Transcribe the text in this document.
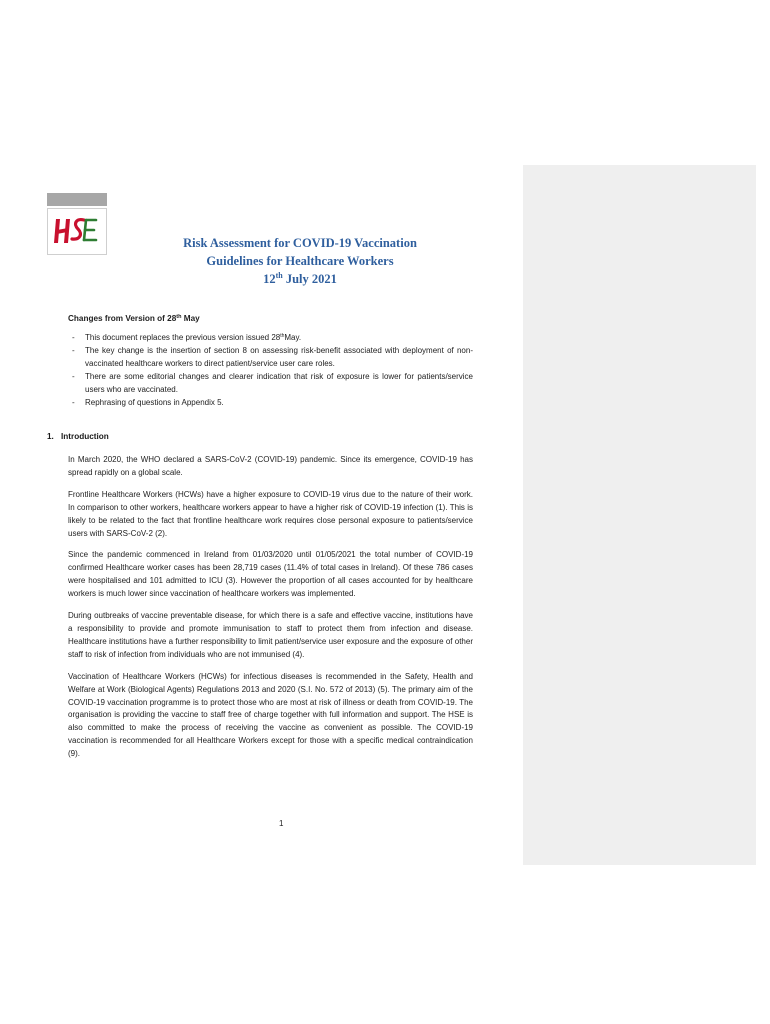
Risk Assessment for COVID-19 Vaccination
Guidelines for Healthcare Workers
12th July 2021
Changes from Version of 28th May
- This document replaces the previous version issued 28thMay.
- The key change is the insertion of section 8 on assessing risk-benefit associated with deployment of non-vaccinated healthcare workers to direct patient/service user care roles.
- There are some editorial changes and clearer indication that risk of exposure is lower for patients/service users who are vaccinated.
- Rephrasing of questions in Appendix 5.
1. Introduction

In March 2020, the WHO declared a SARS-CoV-2 (COVID-19) pandemic. Since its emergence, COVID-19 has spread rapidly on a global scale.

Frontline Healthcare Workers (HCWs) have a higher exposure to COVID-19 virus due to the nature of their work. In comparison to other workers, healthcare workers appear to have a higher risk of COVID-19 infection (1). This is likely to be related to the fact that frontline healthcare work requires close personal exposure to patients/service users with SARS-CoV-2 (2).

Since the pandemic commenced in Ireland from 01/03/2020 until 01/05/2021 the total number of COVID-19 confirmed Healthcare worker cases has been 28,719 cases (11.4% of total cases in Ireland). Of these 786 cases were hospitalised and 101 admitted to ICU (3). However the proportion of all cases accounted for by healthcare workers is much lower since vaccination of healthcare workers was implemented.

During outbreaks of vaccine preventable disease, for which there is a safe and effective vaccine, institutions have a responsibility to provide and promote immunisation to staff to protect them from infection and disease. Healthcare institutions have a further responsibility to limit patient/service user exposure and the exposure of other staff to risk of infection from individuals who are not immunised (4).

Vaccination of Healthcare Workers (HCWs) for infectious diseases is recommended in the Safety, Health and Welfare at Work (Biological Agents) Regulations 2013 and 2020 (S.I. No. 572 of 2013) (5). The primary aim of the COVID-19 vaccination programme is to protect those who are most at risk of illness or death from COVID-19. The organisation is providing the vaccine to staff free of charge together with full information and support. The HSE is also committed to make the process of receiving the vaccine as convenient as possible. The COVID-19 vaccination is recommended for all Healthcare Workers except for those with a specific medical contraindication (9).

1
